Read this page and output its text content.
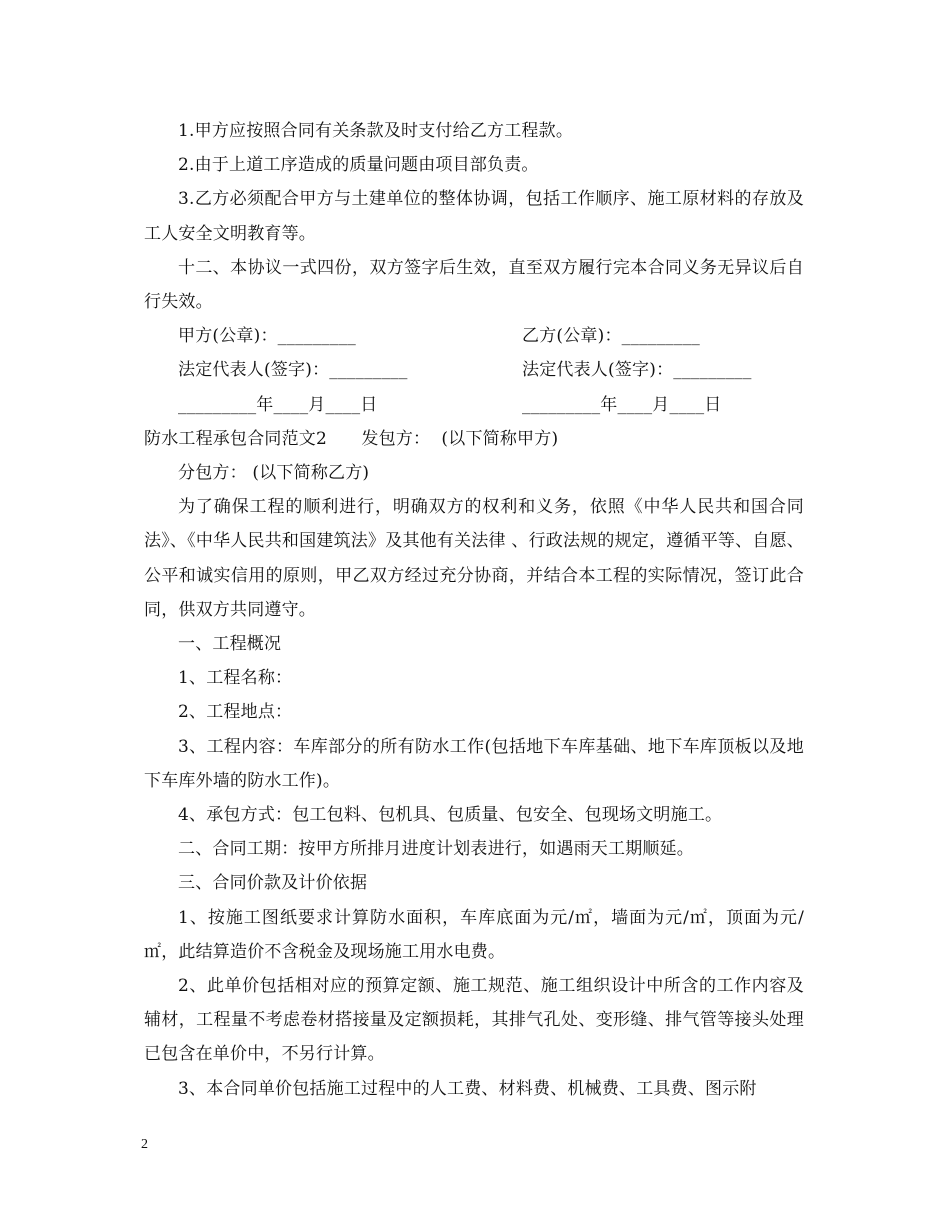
1.甲方应按照合同有关条款及时支付给乙方工程款。

2.由于上道工序造成的质量问题由项目部负责。

3.乙方必须配合甲方与土建单位的整体协调，包括工作顺序、施工原材料的存放及工人安全文明教育等。

十二、本协议一式四份，双方签字后生效，直至双方履行完本合同义务无异议后自行失效。

甲方(公章)：_________	乙方(公章)：_________
法定代表人(签字)：_________	法定代表人(签字)：_________
_________年____月____日	_________年____月____日

防水工程承包合同范文2　　发包方：  (以下简称甲方)

分包方： (以下简称乙方)

为了确保工程的顺利进行，明确双方的权利和义务，依照《中华人民共和国合同法》、《中华人民共和国建筑法》及其他有关法律 、行政法规的规定，遵循平等、自愿、公平和诚实信用的原则，甲乙双方经过充分协商，并结合本工程的实际情况，签订此合同，供双方共同遵守。

一、工程概况

1、工程名称：

2、工程地点：

3、工程内容：车库部分的所有防水工作(包括地下车库基础、地下车库顶板以及地下车库外墙的防水工作)。

4、承包方式：包工包料、包机具、包质量、包安全、包现场文明施工。

二、合同工期：按甲方所排月进度计划表进行，如遇雨天工期顺延。

三、合同价款及计价依据

1、按施工图纸要求计算防水面积，车库底面为元/㎡，墙面为元/㎡，顶面为元/㎡，此结算造价不含税金及现场施工用水电费。

2、此单价包括相对应的预算定额、施工规范、施工组织设计中所含的工作内容及辅材，工程量不考虑卷材搭接量及定额损耗，其排气孔处、变形缝、排气管等接头处理已包含在单价中，不另行计算。

3、本合同单价包括施工过程中的人工费、材料费、机械费、工具费、图示附

2
